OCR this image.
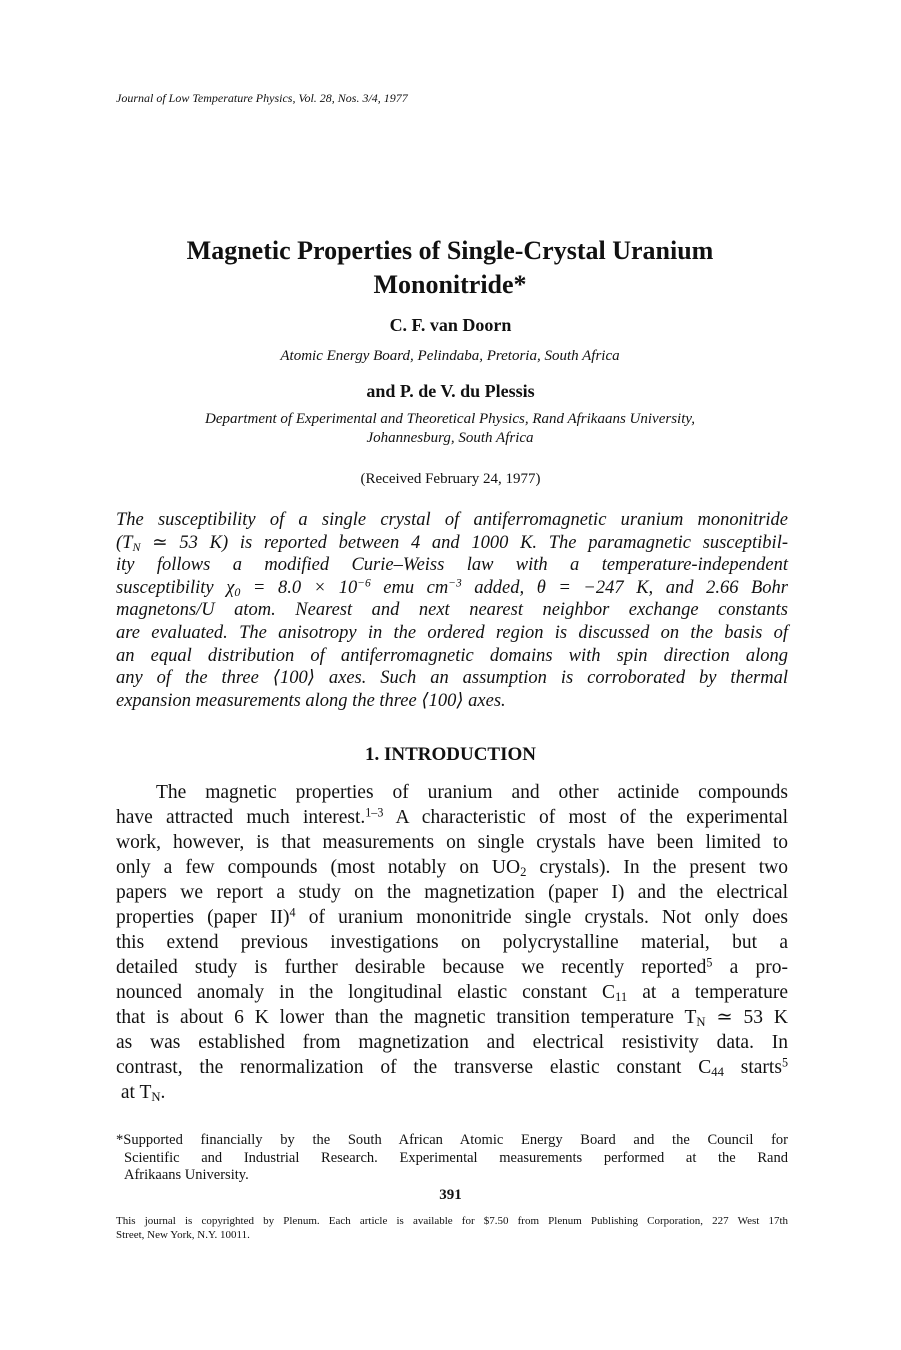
Journal of Low Temperature Physics, Vol. 28, Nos. 3/4, 1977
Magnetic Properties of Single-Crystal Uranium
Mononitride*
C. F. van Doorn
Atomic Energy Board, Pelindaba, Pretoria, South Africa
and P. de V. du Plessis
Department of Experimental and Theoretical Physics, Rand Afrikaans University,
Johannesburg, South Africa
(Received February 24, 1977)
The susceptibility of a single crystal of antiferromagnetic uranium mononitride
($T_N$ ≃ 53 K) is reported between 4 and 1000 K. The paramagnetic susceptibil-
ity follows a modified Curie–Weiss law with a temperature-independent
susceptibility $\chi_0 = 8.0 \times 10^{-6}$ emu $cm^{-3}$ added, θ = −247 K, and 2.66 Bohr
magnetons/U atom. Nearest and next nearest neighbor exchange constants
are evaluated. The anisotropy in the ordered region is discussed on the basis of
an equal distribution of antiferromagnetic domains with spin direction along
any of the three ⟨100⟩ axes. Such an assumption is corroborated by thermal
expansion measurements along the three ⟨100⟩ axes.
1. INTRODUCTION
The magnetic properties of uranium and other actinide compounds
have attracted much interest.$^{1-3}$ A characteristic of most of the experimental
work, however, is that measurements on single crystals have been limited to
only a few compounds (most notably on $UO_2$ crystals). In the present two
papers we report a study on the magnetization (paper I) and the electrical
properties (paper II)$^4$ of uranium mononitride single crystals. Not only does
this extend previous investigations on polycrystalline material, but a
detailed study is further desirable because we recently reported$^5$ a pro-
nounced anomaly in the longitudinal elastic constant $C_{11}$ at a temperature
that is about 6 K lower than the magnetic transition temperature $T_N$ ≃ 53 K
as was established from magnetization and electrical resistivity data. In
contrast, the renormalization of the transverse elastic constant $C_{44}$ starts$^5$
at $T_N$.
*Supported financially by the South African Atomic Energy Board and the Council for
Scientific and Industrial Research. Experimental measurements performed at the Rand
Afrikaans University.
391
This journal is copyrighted by Plenum. Each article is available for $7.50 from Plenum Publishing Corporation, 227 West 17th
Street, New York, N.Y. 10011.
